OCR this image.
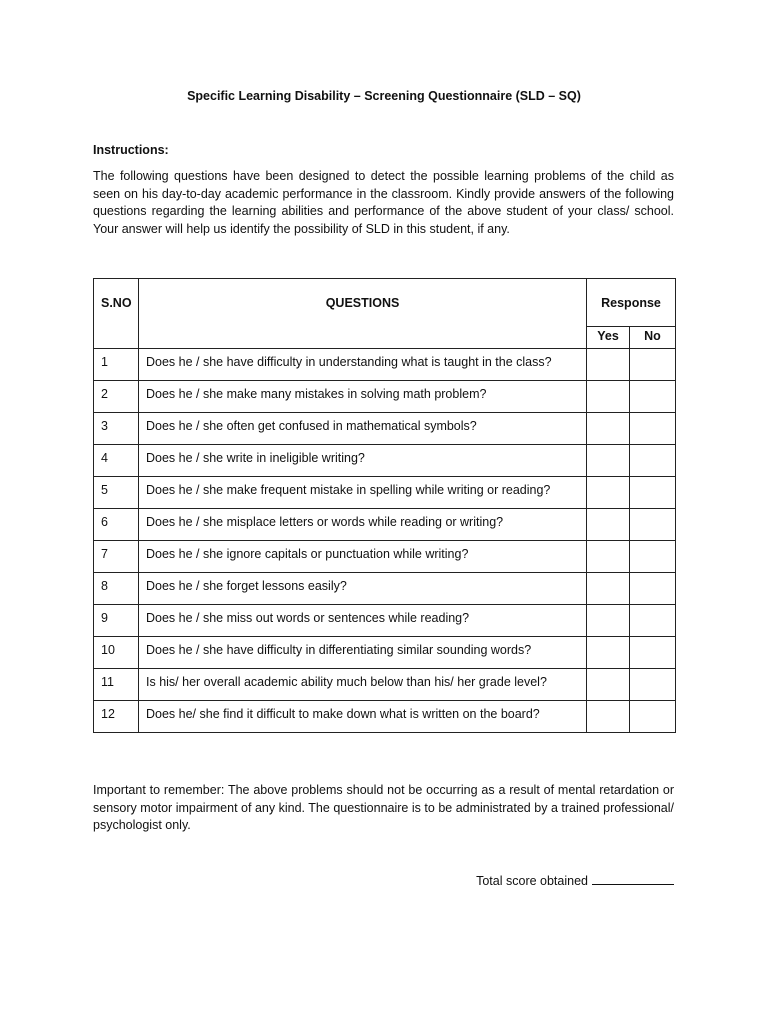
Specific Learning Disability – Screening Questionnaire (SLD – SQ)
Instructions:
The following questions have been designed to detect the possible learning problems of the child as seen on his day-to-day academic performance in the classroom. Kindly provide answers of the following questions regarding the learning abilities and performance of the above student of your class/ school. Your answer will help us identify the possibility of SLD in this student, if any.
S.NO	QUESTIONS	Response	
		Yes	No
1	Does he / she have difficulty in understanding what is taught in the class?		
2	Does he / she make many mistakes in solving math problem?		
3	Does he / she often get confused in mathematical symbols?		
4	Does he / she write in ineligible writing?		
5	Does he / she make frequent mistake in spelling while writing or reading?		
6	Does he / she misplace letters or words while reading or writing?		
7	Does he / she ignore capitals or punctuation while writing?		
8	Does he / she forget lessons easily?		
9	Does he / she miss out words or sentences while reading?		
10	Does he / she have difficulty in differentiating similar sounding words?		
11	Is his/ her overall academic ability much below than his/ her grade level?		
12	Does he/ she find it difficult to make down what is written on the board?		
Important to remember: The above problems should not be occurring as a result of mental retardation or sensory motor impairment of any kind. The questionnaire is to be administrated by a trained professional/ psychologist only.
Total score obtained
